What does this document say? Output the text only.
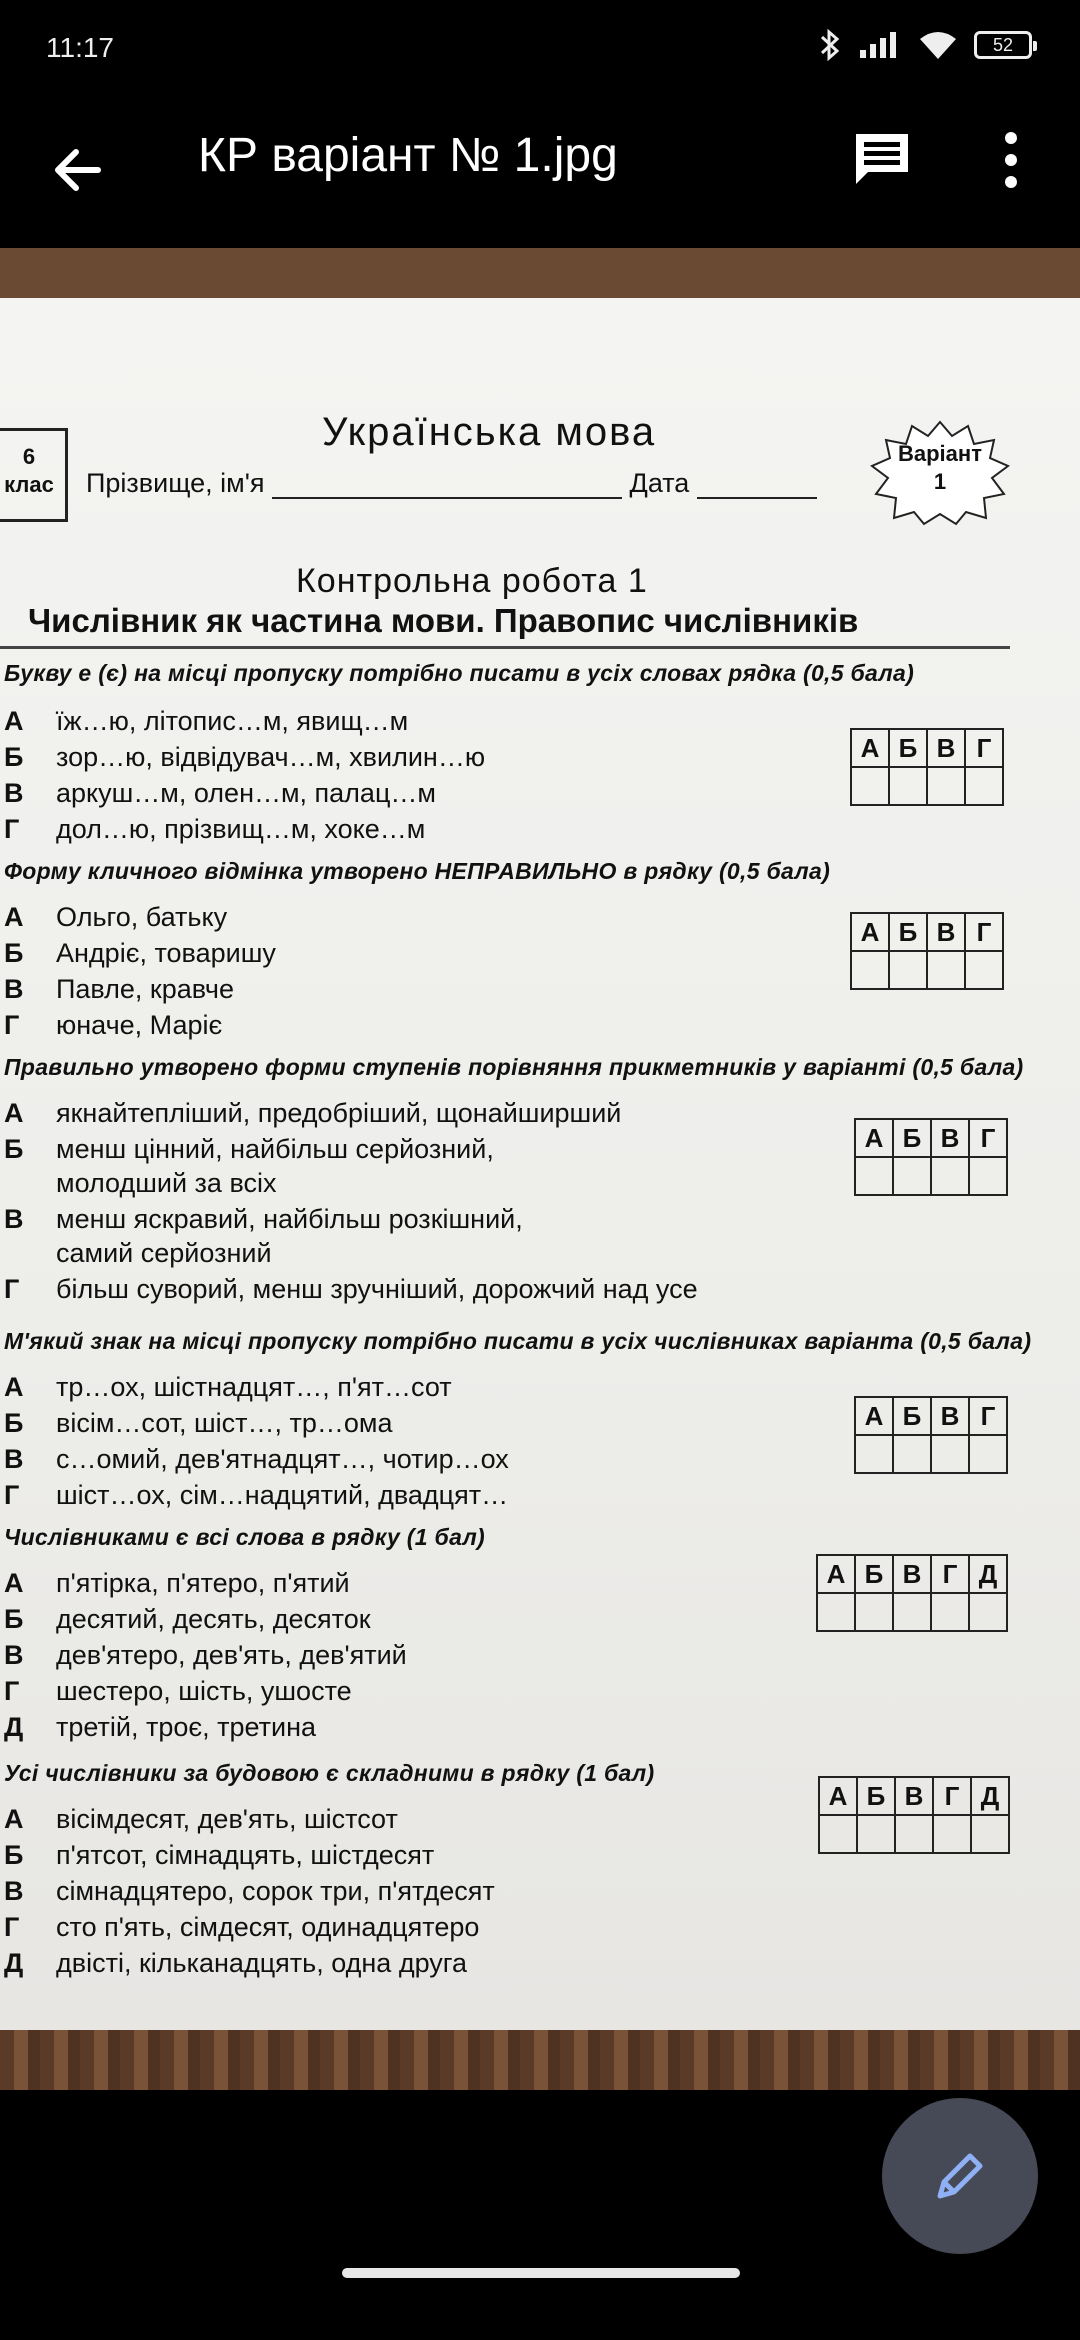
11:17	52
КР варіант № 1.jpg
Українська мова
6
клас	Прізвище, ім'я	Дата
Варіант
1
Контрольна робота 1
Числівник як частина мови. Правопис числівників
Букву е (є) на місці пропуску потрібно писати в усіх словах рядка (0,5 бала)
А їж…ю, літопис…м, явищ…м
Б зор…ю, відвідувач…м, хвилин…ю
В аркуш…м, олен…м, палац…м
Г дол…ю, прізвищ…м, хоке…м
А	Б	В	Г

Форму кличного відмінка утворено НЕПРАВИЛЬНО в рядку (0,5 бала)
А Ольго, батьку
Б Андріє, товаришу
В Павле, кравче
Г юначе, Маріє
А	Б	В	Г

Правильно утворено форми ступенів порівняння прикметників у варіанті (0,5 бала)
А якнайтепліший, предобріший, щонайширший
Б менш цінний, найбільш серйозний,
молодший за всіх
В менш яскравий, найбільш розкішний,
самий серйозний
Г більш суворий, менш зручніший, дорожчий над усе
А	Б	В	Г

М'який знак на місці пропуску потрібно писати в усіх числівниках варіанта (0,5 бала)
А тр…ох, шістнадцят…, п'ят…сот
Б вісім…сот, шіст…, тр…ома
В с…омий, дев'ятнадцят…, чотир…ох
Г шіст…ох, сім…надцятий, двадцят…
А	Б	В	Г

Числівниками є всі слова в рядку (1 бал)
А п'ятірка, п'ятеро, п'ятий
Б десятий, десять, десяток
В дев'ятеро, дев'ять, дев'ятий
Г шестеро, шість, ушосте
Д третій, троє, третина
А	Б	В	Г	Д

Усі числівники за будовою є складними в рядку (1 бал)
А вісімдесят, дев'ять, шістсот
Б п'ятсот, сімнадцять, шістдесят
В сімнадцятеро, сорок три, п'ятдесят
Г сто п'ять, сімдесят, одинадцятеро
Д двісті, кільканадцять, одна друга
А	Б	В	Г	Д
